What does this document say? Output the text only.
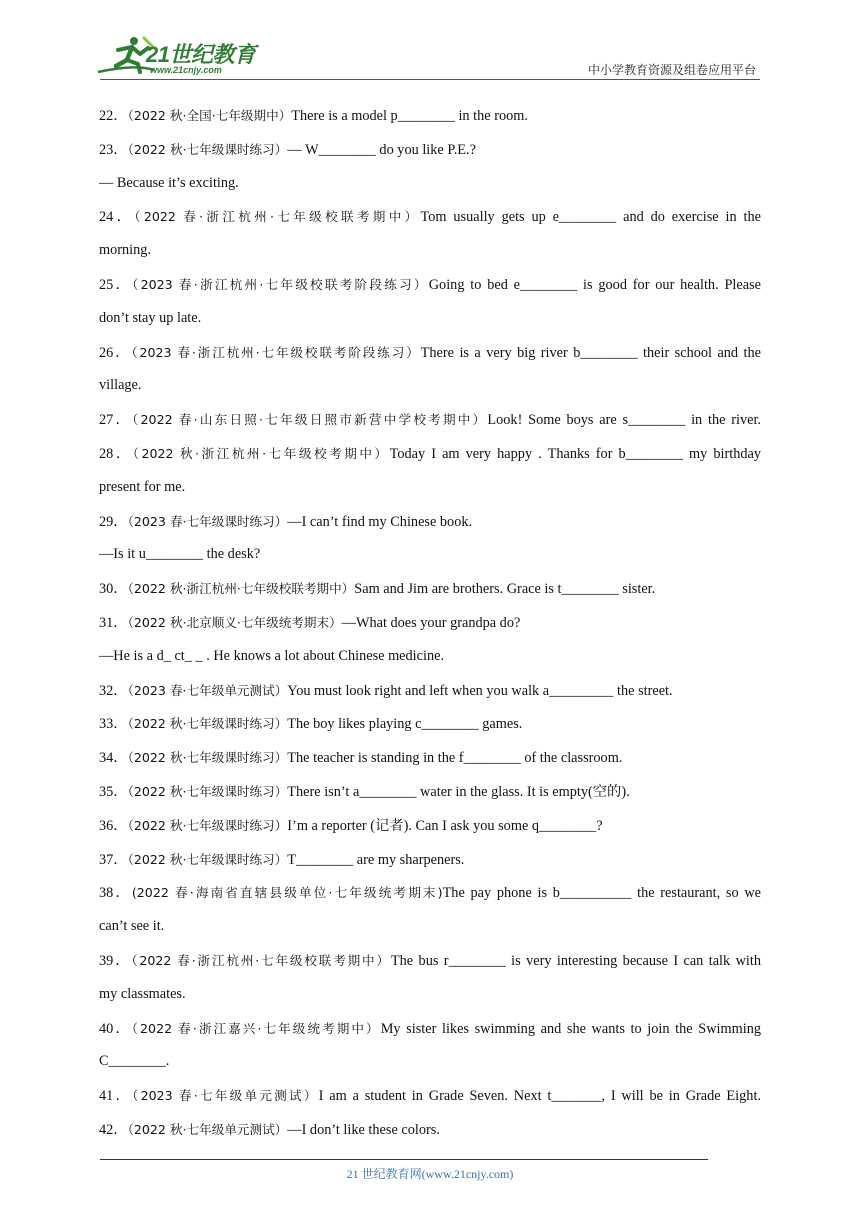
21世纪教育
www.21cnjy.com	中小学教育资源及组卷应用平台
22．（2022 秋·全国·七年级期中）There is a model p________ in the room.
23．（2022 秋·七年级课时练习）— W________ do you like P.E.?
— Because it’s exciting.
24．（2022 春·浙江杭州·七年级校联考期中）Tom usually gets up e________ and do exercise in the
morning.
25．（2023 春·浙江杭州·七年级校联考阶段练习）Going to bed e________ is good for our health. Please
don’t stay up late.
26．（2023 春·浙江杭州·七年级校联考阶段练习）There is a very big river b________ their school and the
village.
27．（2022 春·山东日照·七年级日照市新营中学校考期中）Look! Some boys are s________ in the river.
28．（2022 秋·浙江杭州·七年级校考期中）Today I am very happy . Thanks for b________ my birthday
present for me.
29．（2023 春·七年级课时练习）—I can’t find my Chinese book.
—Is it u________ the desk?
30．（2022 秋·浙江杭州·七年级校联考期中）Sam and Jim are brothers. Grace is t________ sister.
31．（2022 秋·北京顺义·七年级统考期末）—What does your grandpa do?
—He is a d_ ct_ _ . He knows a lot about Chinese medicine.
32．（2023 春·七年级单元测试）You must look right and left when you walk a_________ the street.
33．（2022 秋·七年级课时练习）The boy likes playing c________ games.
34．（2022 秋·七年级课时练习）The teacher is standing in the f________ of the classroom.
35．（2022 秋·七年级课时练习）There isn’t a________ water in the glass. It is empty(空的).
36．（2022 秋·七年级课时练习）I’m a reporter (记者). Can I ask you some q________?
37．（2022 秋·七年级课时练习）T________ are my sharpeners.
38．(2022 春·海南省直辖县级单位·七年级统考期末)The pay phone is b__________ the restaurant, so we
can’t see it.
39．（2022 春·浙江杭州·七年级校联考期中）The bus r________ is very interesting because I can talk with
my classmates.
40．（2022 春·浙江嘉兴·七年级统考期中）My sister likes swimming and she wants to join the Swimming
C________.
41．（2023 春·七年级单元测试）I am a student in Grade Seven. Next t_______, I will be in Grade Eight.
42．（2022 秋·七年级单元测试）—I don’t like these colors.
21 世纪教育网(www.21cnjy.com)
